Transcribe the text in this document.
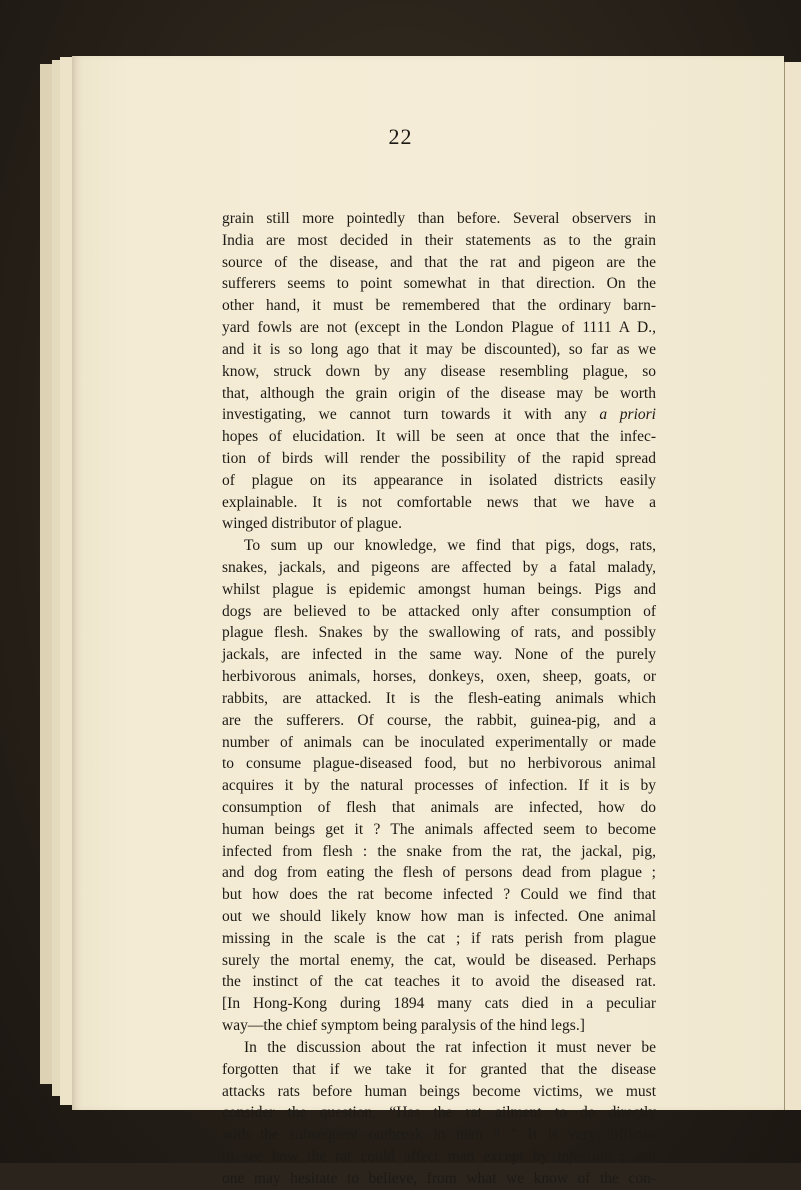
22
grain still more pointedly than before. Several observers in
India are most decided in their statements as to the grain
source of the disease, and that the rat and pigeon are the
sufferers seems to point somewhat in that direction. On the
other hand, it must be remembered that the ordinary barn-
yard fowls are not (except in the London Plague of 1111 A D.,
and it is so long ago that it may be discounted), so far as we
know, struck down by any disease resembling plague, so
that, although the grain origin of the disease may be worth
investigating, we cannot turn towards it with any a priori
hopes of elucidation. It will be seen at once that the infec-
tion of birds will render the possibility of the rapid spread
of plague on its appearance in isolated districts easily
explainable. It is not comfortable news that we have a
winged distributor of plague.
To sum up our knowledge, we find that pigs, dogs, rats,
snakes, jackals, and pigeons are affected by a fatal malady,
whilst plague is epidemic amongst human beings. Pigs and
dogs are believed to be attacked only after consumption of
plague flesh. Snakes by the swallowing of rats, and possibly
jackals, are infected in the same way. None of the purely
herbivorous animals, horses, donkeys, oxen, sheep, goats, or
rabbits, are attacked. It is the flesh-eating animals which
are the sufferers. Of course, the rabbit, guinea-pig, and a
number of animals can be inoculated experimentally or made
to consume plague-diseased food, but no herbivorous animal
acquires it by the natural processes of infection. If it is by
consumption of flesh that animals are infected, how do
human beings get it ? The animals affected seem to become
infected from flesh : the snake from the rat, the jackal, pig,
and dog from eating the flesh of persons dead from plague ;
but how does the rat become infected ? Could we find that
out we should likely know how man is infected. One animal
missing in the scale is the cat ; if rats perish from plague
surely the mortal enemy, the cat, would be diseased. Perhaps
the instinct of the cat teaches it to avoid the diseased rat.
[In Hong-Kong during 1894 many cats died in a peculiar
way—the chief symptom being paralysis of the hind legs.]
In the discussion about the rat infection it must never be
forgotten that if we take it for granted that the disease
attacks rats before human beings become victims, we must
consider the question, “Has the rat ailment to do directly
with the subsequent outbreak in man ? ” It is very difficult
to see how the rat could affect man except by infection ; and
one may hesitate to believe, from what we know of the con-
